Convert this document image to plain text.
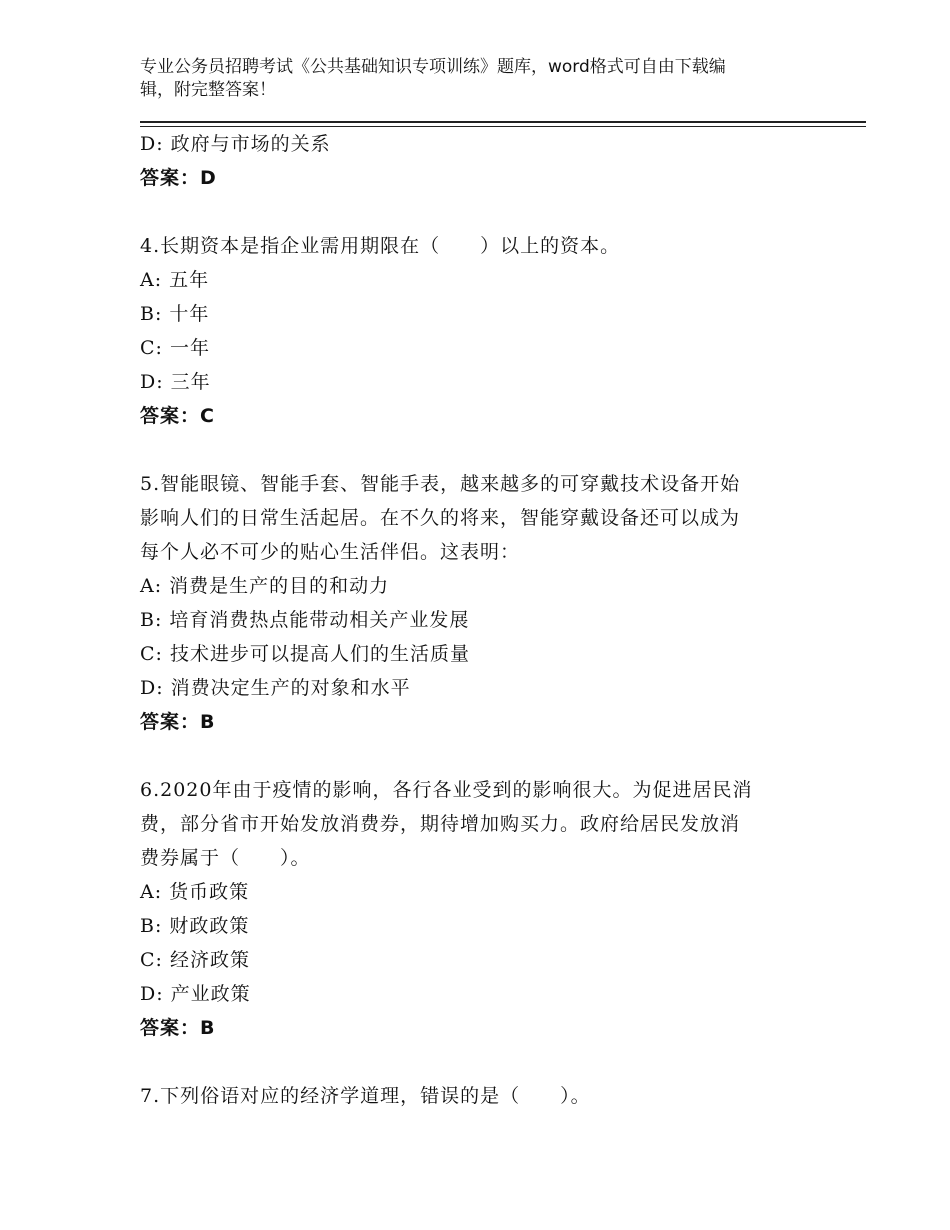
专业公务员招聘考试《公共基础知识专项训练》题库，word格式可自由下载编
辑，附完整答案！
D: 政府与市场的关系
答案：D
4.长期资本是指企业需用期限在（　　）以上的资本。
A: 五年
B: 十年
C: 一年
D: 三年
答案：C
5.智能眼镜、智能手套、智能手表，越来越多的可穿戴技术设备开始
影响人们的日常生活起居。在不久的将来，智能穿戴设备还可以成为
每个人必不可少的贴心生活伴侣。这表明：
A: 消费是生产的目的和动力
B: 培育消费热点能带动相关产业发展
C: 技术进步可以提高人们的生活质量
D: 消费决定生产的对象和水平
答案：B
6.2020年由于疫情的影响，各行各业受到的影响很大。为促进居民消
费，部分省市开始发放消费券，期待增加购买力。政府给居民发放消
费券属于（　　）。
A: 货币政策
B: 财政政策
C: 经济政策
D: 产业政策
答案：B
7.下列俗语对应的经济学道理，错误的是（　　）。
